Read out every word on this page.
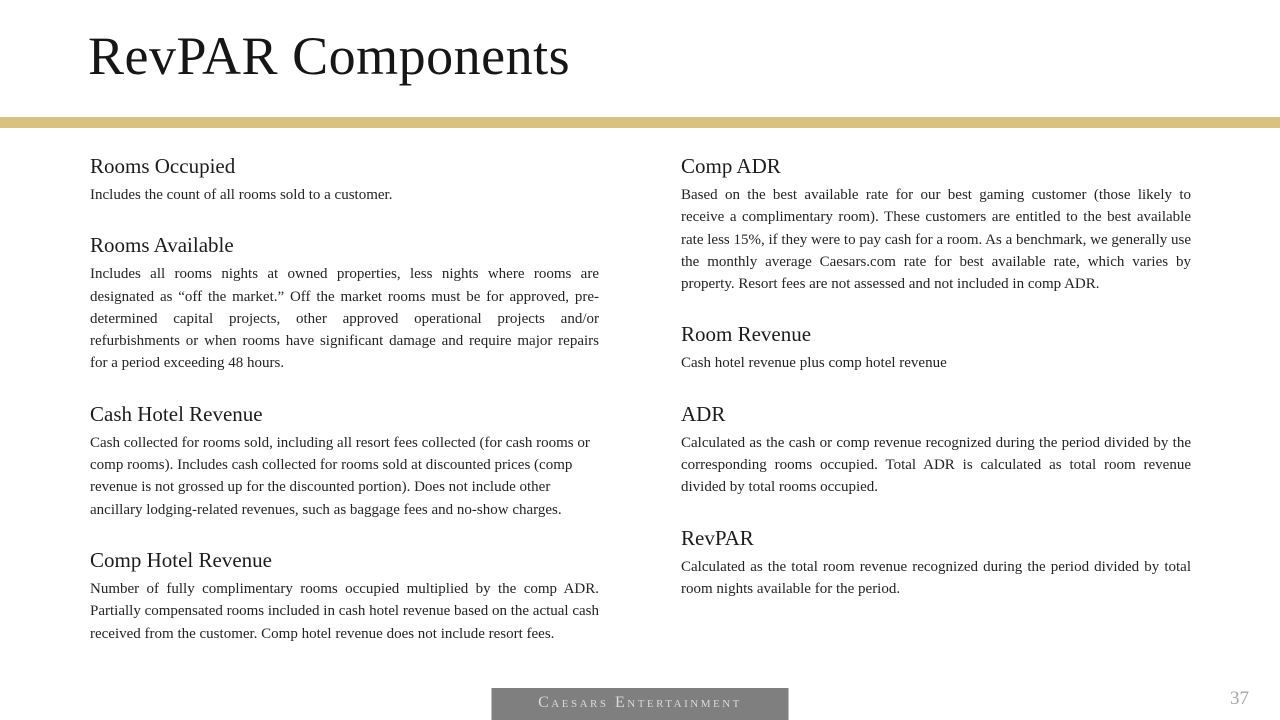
RevPAR Components
Rooms Occupied

Includes the count of all rooms sold to a customer.

Rooms Available

Includes all rooms nights at owned properties, less nights where rooms are designated as “off the market.” Off the market rooms must be for approved, pre-determined capital projects, other approved operational projects and/or refurbishments or when rooms have significant damage and require major repairs for a period exceeding 48 hours.

Cash Hotel Revenue

Cash collected for rooms sold, including all resort fees collected (for cash rooms or comp rooms). Includes cash collected for rooms sold at discounted prices (comp revenue is not grossed up for the discounted portion). Does not include other ancillary lodging-related revenues, such as baggage fees and no-show charges.

Comp Hotel Revenue

Number of fully complimentary rooms occupied multiplied by the comp ADR. Partially compensated rooms included in cash hotel revenue based on the actual cash received from the customer. Comp hotel revenue does not include resort fees.

Comp ADR

Based on the best available rate for our best gaming customer (those likely to receive a complimentary room). These customers are entitled to the best available rate less 15%, if they were to pay cash for a room. As a benchmark, we generally use the monthly average Caesars.com rate for best available rate, which varies by property. Resort fees are not assessed and not included in comp ADR.

Room Revenue

Cash hotel revenue plus comp hotel revenue

ADR

Calculated as the cash or comp revenue recognized during the period divided by the corresponding rooms occupied. Total ADR is calculated as total room revenue divided by total rooms occupied.

RevPAR

Calculated as the total room revenue recognized during the period divided by total room nights available for the period.

Caesars Entertainment	37
